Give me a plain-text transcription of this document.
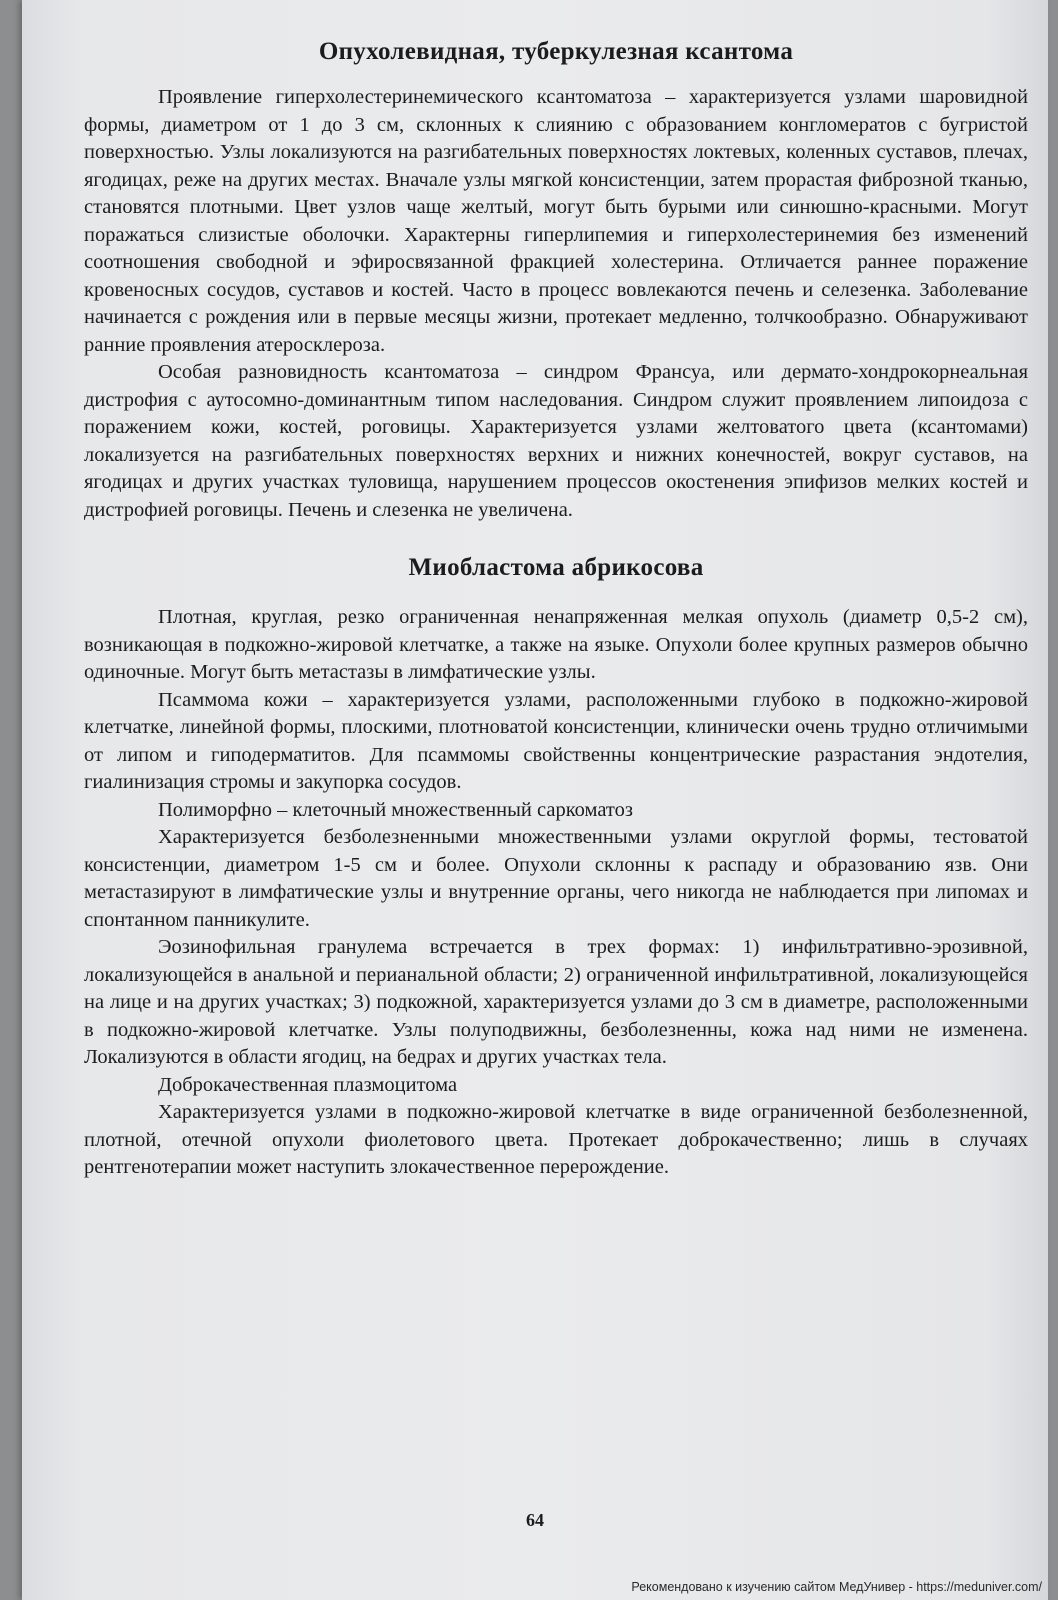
Опухолевидная, туберкулезная ксантома

Проявление гиперхолестеринемического ксантоматоза – характеризуется узлами шаровидной формы, диаметром от 1 до 3 см, склонных к слиянию с образованием конгломератов с бугристой поверхностью. Узлы локализуются на разгибательных поверхностях локтевых, коленных суставов, плечах, ягодицах, реже на других местах. Вначале узлы мягкой консистенции, затем прорастая фиброзной тканью, становятся плотными. Цвет узлов чаще желтый, могут быть бурыми или синюшно-красными. Могут поражаться слизистые оболочки. Характерны гиперлипемия и гиперхолестеринемия без изменений соотношения свободной и эфиросвязанной фракцией холестерина. Отличается раннее поражение кровеносных сосудов, суставов и костей. Часто в процесс вовлекаются печень и селезенка. Заболевание начинается с рождения или в первые месяцы жизни, протекает медленно, толчкообразно. Обнаруживают ранние проявления атеросклероза.

Особая разновидность ксантоматоза – синдром Франсуа, или дермато-хондрокорнеальная дистрофия с аутосомно-доминантным типом наследования. Синдром служит проявлением липоидоза с поражением кожи, костей, роговицы. Характеризуется узлами желтоватого цвета (ксантомами) локализуется на разгибательных поверхностях верхних и нижних конечностей, вокруг суставов, на ягодицах и других участках туловища, нарушением процессов окостенения эпифизов мелких костей и дистрофией роговицы. Печень и слезенка не увеличена.

Миобластома абрикосова

Плотная, круглая, резко ограниченная ненапряженная мелкая опухоль (диаметр 0,5-2 см), возникающая в подкожно-жировой клетчатке, а также на языке. Опухоли более крупных размеров обычно одиночные. Могут быть метастазы в лимфатические узлы.

Псаммома кожи – характеризуется узлами, расположенными глубоко в подкожно-жировой клетчатке, линейной формы, плоскими, плотноватой консистенции, клинически очень трудно отличимыми от липом и гиподерматитов. Для псаммомы свойственны концентрические разрастания эндотелия, гиалинизация стромы и закупорка сосудов.

Полиморфно – клеточный множественный саркоматоз

Характеризуется безболезненными множественными узлами округлой формы, тестоватой консистенции, диаметром 1-5 см и более. Опухоли склонны к распаду и образованию язв. Они метастазируют в лимфатические узлы и внутренние органы, чего никогда не наблюдается при липомах и спонтанном панникулите.

Эозинофильная гранулема встречается в трех формах: 1) инфильтративно-эрозивной, локализующейся в анальной и перианальной области; 2) ограниченной инфильтративной, локализующейся на лице и на других участках; 3) подкожной, характеризуется узлами до 3 см в диаметре, расположенными в подкожно-жировой клетчатке. Узлы полуподвижны, безболезненны, кожа над ними не изменена. Локализуются в области ягодиц, на бедрах и других участках тела.

Доброкачественная плазмоцитома

Характеризуется узлами в подкожно-жировой клетчатке в виде ограниченной безболезненной, плотной, отечной опухоли фиолетового цвета. Протекает доброкачественно; лишь в случаях рентгенотерапии может наступить злокачественное перерождение.

64
Рекомендовано к изучению сайтом МедУнивер - https://meduniver.com/
